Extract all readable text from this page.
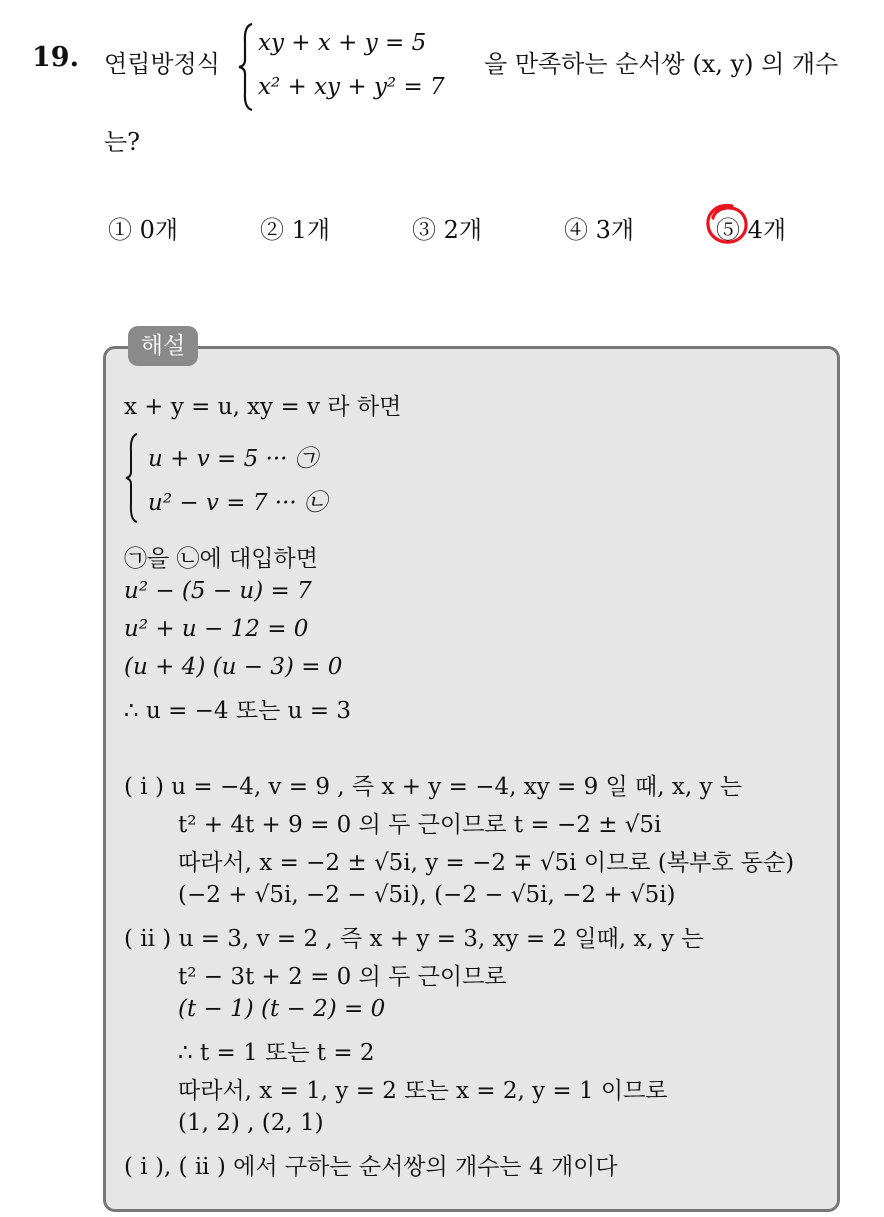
19. 연립방정식
xy + x + y = 5
x² + xy + y² = 7
을 만족하는 순서쌍 (x, y) 의 개수
는?
① 0개	② 1개	③ 2개	④ 3개	⑤ 4개
해설
x + y = u, xy = v 라 하면
u + v = 5 ··· ㉠
u² − v = 7 ··· ㉡
㉠을 ㉡에 대입하면
u² − (5 − u) = 7
u² + u − 12 = 0
(u + 4) (u − 3) = 0
∴ u = −4 또는 u = 3
( i ) u = −4, v = 9 , 즉 x + y = −4, xy = 9 일 때, x, y 는
t² + 4t + 9 = 0 의 두 근이므로 t = −2 ± √5i
따라서, x = −2 ± √5i, y = −2 ∓ √5i 이므로 (복부호 동순)
(−2 + √5i, −2 − √5i), (−2 − √5i, −2 + √5i)
( ii ) u = 3, v = 2 , 즉 x + y = 3, xy = 2 일때, x, y 는
t² − 3t + 2 = 0 의 두 근이므로
(t − 1) (t − 2) = 0
∴ t = 1 또는 t = 2
따라서, x = 1, y = 2 또는 x = 2, y = 1 이므로
(1, 2) , (2, 1)
( i ), ( ii ) 에서 구하는 순서쌍의 개수는 4 개이다
